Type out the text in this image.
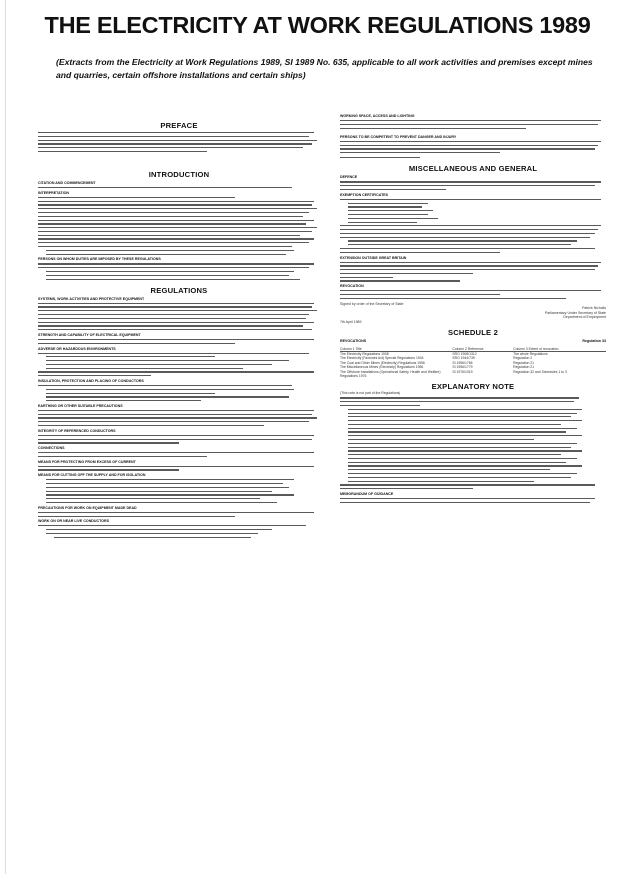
THE ELECTRICITY AT WORK REGULATIONS 1989
(Extracts from the Electricity at Work Regulations 1989, SI 1989 No. 635, applicable to all work activities and premises except mines and quarries, certain offshore installations and certain ships)
PREFACE
INTRODUCTION
CITATION AND COMMENCEMENT
INTERPRETATION
PERSONS ON WHOM DUTIES ARE IMPOSED BY THESE REGULATIONS
REGULATIONS
SYSTEMS, WORK ACTIVITIES AND PROTECTIVE EQUIPMENT
STRENGTH AND CAPABILITY OF ELECTRICAL EQUIPMENT
ADVERSE OR HAZARDOUS ENVIRONMENTS
INSULATION, PROTECTION AND PLACING OF CONDUCTORS
EARTHING OR OTHER SUITABLE PRECAUTIONS
INTEGRITY OF REFERENCED CONDUCTORS
CONNECTIONS
MEANS FOR PROTECTING FROM EXCESS OF CURRENT
MEANS FOR CUTTING OFF THE SUPPLY AND FOR ISOLATION
PRECAUTIONS FOR WORK ON EQUIPMENT MADE DEAD
WORK ON OR NEAR LIVE CONDUCTORS
WORKING SPACE, ACCESS AND LIGHTING
PERSONS TO BE COMPETENT TO PREVENT DANGER AND INJURY
MISCELLANEOUS AND GENERAL
DEFENCE
EXEMPTION CERTIFICATES
EXTENSION OUTSIDE GREAT BRITAIN
REVOCATION
Signed by order of the Secretary of State
Patrick Nicholls
Parliamentary Under Secretary of State
Department of Employment
7th April 1989
SCHEDULE 2
REVOCATIONS	Regulation 33
Column 1 Title	Column 2 Reference	Column 3 Extent of revocation
The Electricity Regulations 1908	SRO 1908/1312	The whole Regulations
The Electricity (Factories Act) Special Regulations 1944	SRO 1944/739	Regulation 2
The Coal and Other Mines (Electricity) Regulations 1956	SI 1956/1766	Regulation 21
The Miscellaneous Mines (Electricity) Regulations 1956	SI 1956/1779	Regulation 21
The Offshore Installations (Operational Safety, Health and Welfare) Regulations 1976
SI 1976/1019	Regulation 32 and Schedules 1 to 3
EXPLANATORY NOTE
(This note is not part of the Regulations)
MEMORANDUM OF GUIDANCE
